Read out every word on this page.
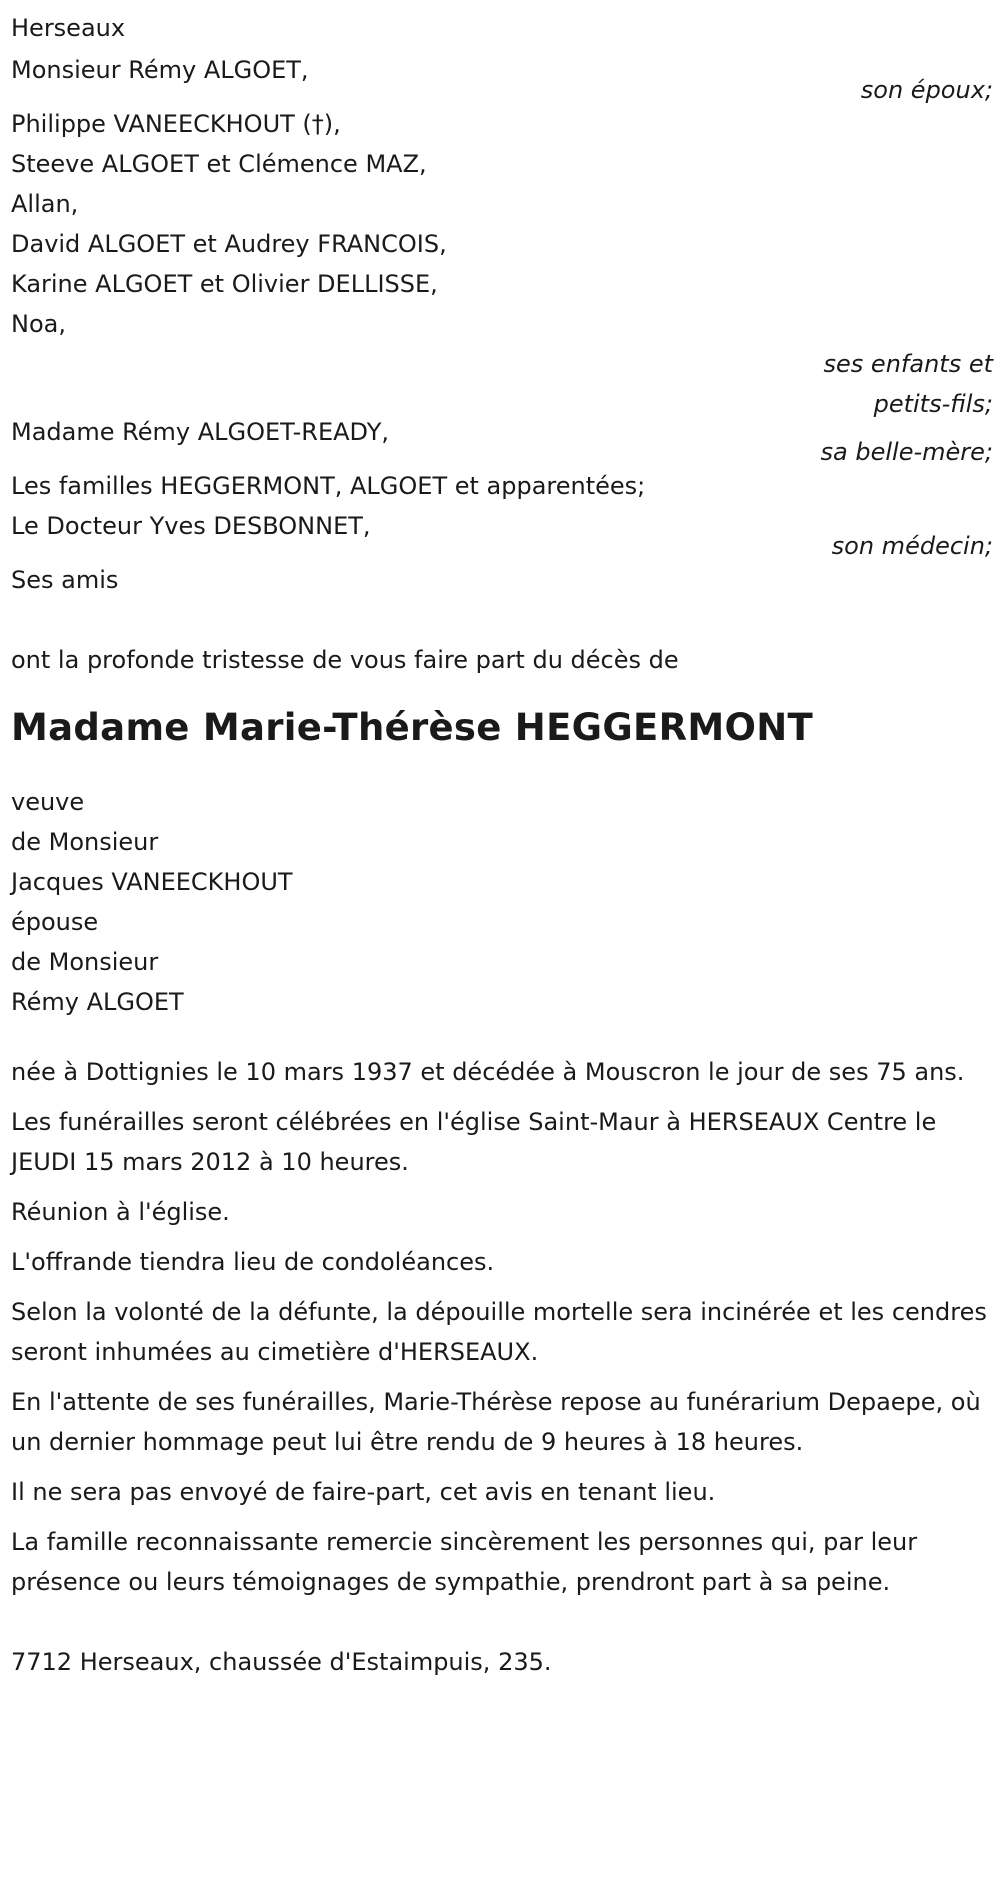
Herseaux

Monsieur Rémy ALGOET,

son époux;

Philippe VANEECKHOUT (†),

Steeve ALGOET et Clémence MAZ,

Allan,

David ALGOET et Audrey FRANCOIS,

Karine ALGOET et Olivier DELLISSE,

Noa,

ses enfants et

petits-fils;

Madame Rémy ALGOET-READY,

sa belle-mère;

Les familles HEGGERMONT, ALGOET et apparentées;

Le Docteur Yves DESBONNET,

son médecin;

Ses amis

ont la profonde tristesse de vous faire part du décès de

Madame Marie-Thérèse HEGGERMONT

veuve

de Monsieur

Jacques VANEECKHOUT

épouse

de Monsieur

Rémy ALGOET

née à Dottignies le 10 mars 1937 et décédée à Mouscron le jour de ses 75 ans.

Les funérailles seront célébrées en l'église Saint-Maur à HERSEAUX Centre le JEUDI 15 mars 2012 à 10 heures.

Réunion à l'église.

L'offrande tiendra lieu de condoléances.

Selon la volonté de la défunte, la dépouille mortelle sera incinérée et les cendres seront inhumées au cimetière d'HERSEAUX.

En l'attente de ses funérailles, Marie-Thérèse repose au funérarium Depaepe, où un dernier hommage peut lui être rendu de 9 heures à 18 heures.

Il ne sera pas envoyé de faire-part, cet avis en tenant lieu.

La famille reconnaissante remercie sincèrement les personnes qui, par leur présence ou leurs témoignages de sympathie, prendront part à sa peine.

7712 Herseaux, chaussée d'Estaimpuis, 235.
